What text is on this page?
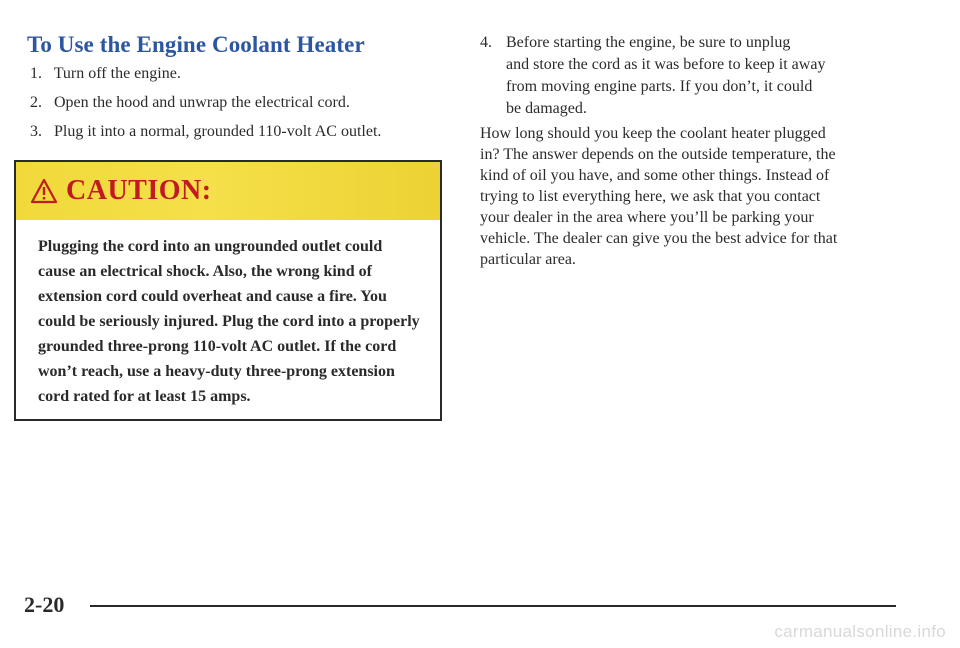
To Use the Engine Coolant Heater
1. Turn off the engine.
2. Open the hood and unwrap the electrical cord.
3. Plug it into a normal, grounded 110-volt AC outlet.
CAUTION:

Plugging the cord into an ungrounded outlet could cause an electrical shock. Also, the wrong kind of extension cord could overheat and cause a fire. You could be seriously injured. Plug the cord into a properly grounded three-prong 110-volt AC outlet. If the cord won’t reach, use a heavy-duty three-prong extension cord rated for at least 15 amps.

4. Before starting the engine, be sure to unplug
and store the cord as it was before to keep it away
from moving engine parts. If you don’t, it could
be damaged.

How long should you keep the coolant heater plugged
in? The answer depends on the outside temperature, the
kind of oil you have, and some other things. Instead of
trying to list everything here, we ask that you contact
your dealer in the area where you’ll be parking your
vehicle. The dealer can give you the best advice for that
particular area.

2-20
carmanualsonline.info
